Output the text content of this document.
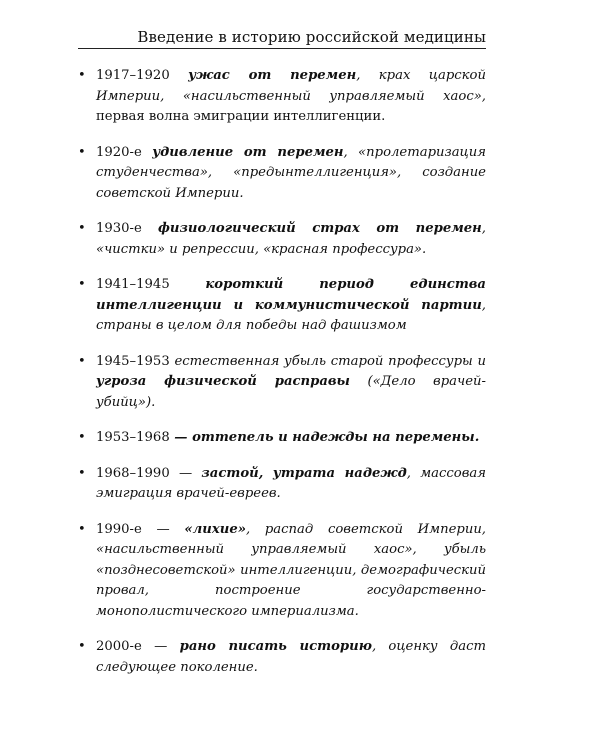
Введение в историю российской медицины
• 1917–1920 ужас от перемен, крах царской Империи, «насильственный управляемый хаос», первая волна эмиграции интеллигенции.
• 1920-е удивление от перемен, «пролетаризация студенчества», «предынтеллигенция», создание советской Империи.
• 1930-е физиологический страх от перемен, «чистки» и репрессии, «красная профессура».
• 1941–1945	короткий период единства интеллигенции и коммунистической партии, страны в целом для победы над фашизмом
• 1945–1953 естественная убыль старой профессуры и угроза физической расправы («Дело врачей-убийц»).
• 1953–1968 — оттепель и надежды на перемены.
• 1968–1990 — застой, утрата надежд, массовая эмиграция врачей-евреев.
• 1990-е — «лихие», распад советской Империи, «насильственный управляемый хаос», убыль «позднесоветской» интеллигенции, демографический провал, построение государственно-монополистического империализма.
• 2000-е — рано писать историю, оценку даст следующее поколение.
